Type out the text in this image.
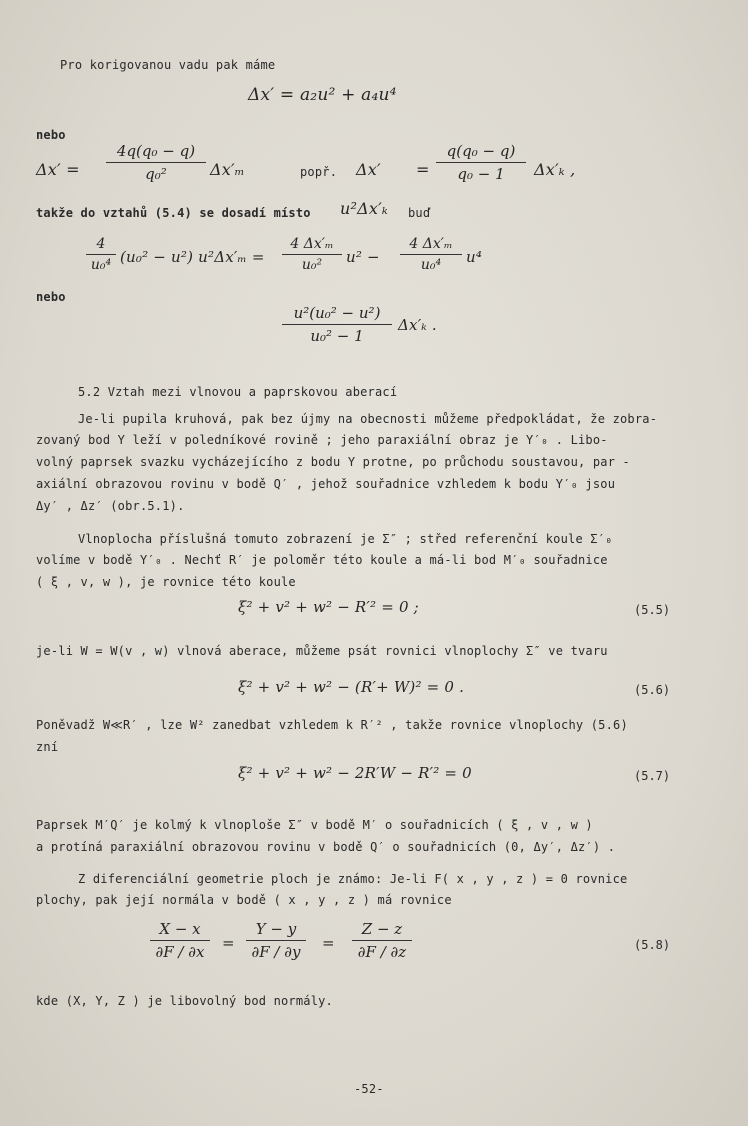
Pro korigovanou vadu pak máme
Δx′ = a₂u² + a₄u⁴
nebo
$\Delta x' = \frac{\text{4q(q₀ − q)}}{\text{q₀²}} \Delta x'_m$	popř. $\Delta x' = \frac{\text{q(q₀ − q)}}{\text{q₀ − 1}} \Delta x'_k$ ,
takže do vztahů (5.4) se dosadí místo u²Δx′ₖ buď
$\frac{4}{\text{u₀⁴}} (u_0^2 - u^2) u^2\Delta x'_m = \frac{\text{4 Δx′ₘ}}{\text{u₀²}} u^2 - \frac{\text{4 Δx′ₘ}}{\text{u₀⁴}} u^4$
nebo
$\frac{\text{u²(u₀² − u²)}}{\text{u₀² − 1}} \Delta x'_k$ .
5.2 Vztah mezi vlnovou a paprskovou aberací
Je-li pupila kruhová, pak bez újmy na obecnosti můžeme předpokládat, že zobra-
zovaný bod Y leží v poledníkové rovině ; jeho paraxiální obraz je Y′₀ . Libo-
volný paprsek svazku vycházejícího z bodu Y protne, po průchodu soustavou, par -
axiální obrazovou rovinu v bodě Q′ , jehož souřadnice vzhledem k bodu Y′₀ jsou
Δy′ , Δz′ (obr.5.1).
Vlnoplocha příslušná tomuto zobrazení je Σ″ ; střed referenční koule Σ′₀
volíme v bodě Y′₀ . Nechť R′ je poloměr této koule a má-li bod M′₀ souřadnice
( ξ , v, w ), je rovnice této koule
ξ² + v² + w² − R′² = 0 ;	(5.5)
je-li W = W(v , w) vlnová aberace, můžeme psát rovnici vlnoplochy Σ″ ve tvaru
ξ² + v² + w² − (R′+ W)² = 0 .	(5.6)
Poněvadž W≪R′ , lze W² zanedbat vzhledem k R′² , takže rovnice vlnoplochy (5.6)
zní
ξ² + v² + w² − 2R′W − R′² = 0	(5.7)
Paprsek M′Q′ je kolmý k vlnoploše Σ″ v bodě M′ o souřadnicích ( ξ , v , w )
a protíná paraxiální obrazovou rovinu v bodě Q′ o souřadnicích (0, Δy′, Δz′) .
Z diferenciální geometrie ploch je známo: Je-li F( x , y , z ) = 0 rovnice
plochy, pak její normála v bodě ( x , y , z ) má rovnice
$\frac{X - x}{\partial F / \partial x} = \frac{Y - y}{\partial F / \partial y} = \frac{Z - z}{\partial F / \partial z}$	(5.8)
kde (X, Y, Z ) je libovolný bod normály.
-52-
